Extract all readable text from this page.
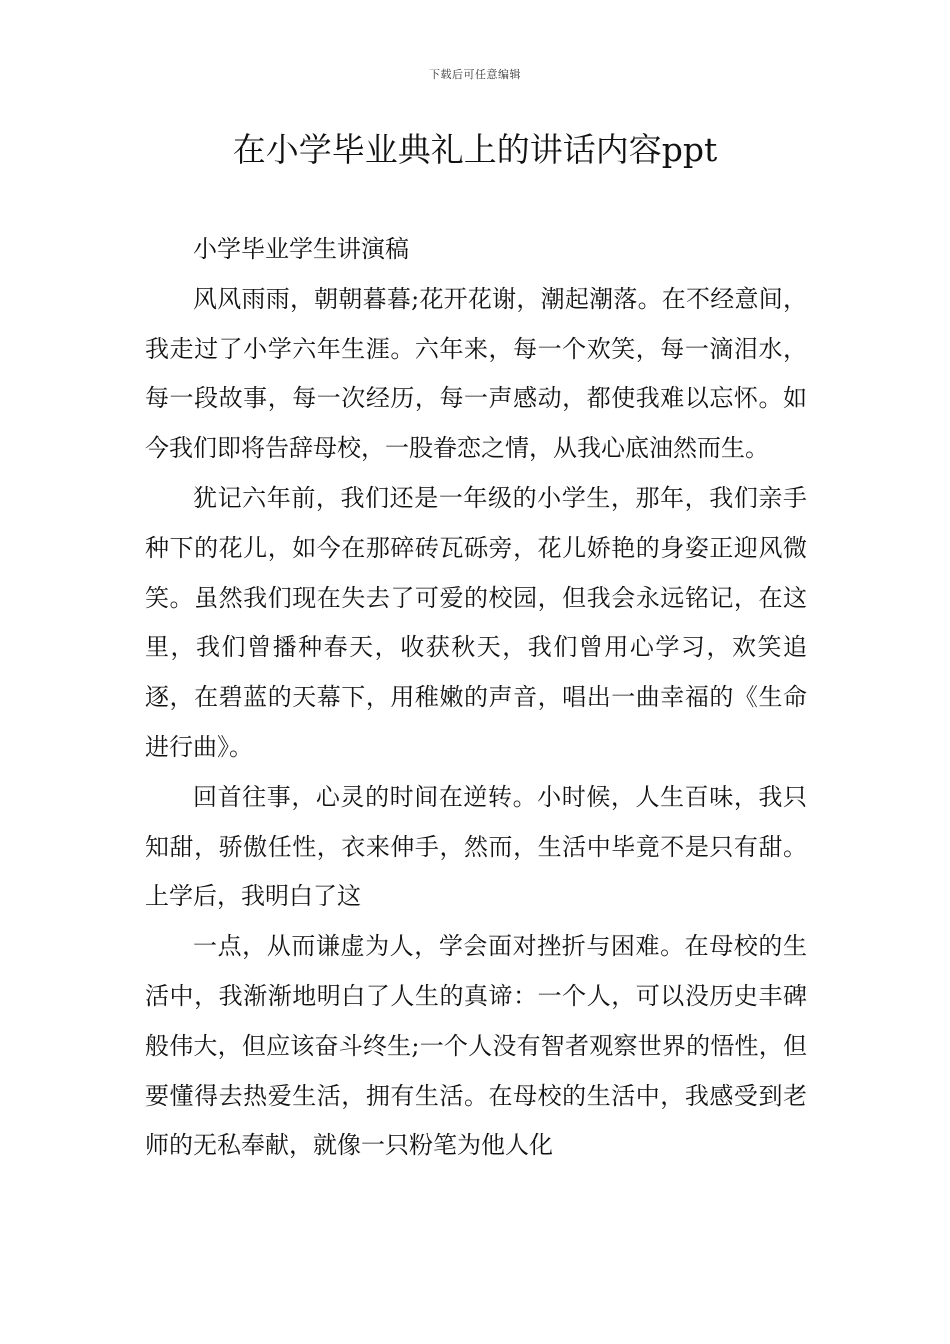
下载后可任意编辑
在小学毕业典礼上的讲话内容ppt

小学毕业学生讲演稿

风风雨雨，朝朝暮暮;花开花谢，潮起潮落。在不经意间，我走过了小学六年生涯。六年来，每一个欢笑，每一滴泪水，每一段故事，每一次经历，每一声感动，都使我难以忘怀。如今我们即将告辞母校，一股眷恋之情，从我心底油然而生。

犹记六年前，我们还是一年级的小学生，那年，我们亲手种下的花儿，如今在那碎砖瓦砾旁，花儿娇艳的身姿正迎风微笑。虽然我们现在失去了可爱的校园，但我会永远铭记，在这里，我们曾播种春天，收获秋天，我们曾用心学习，欢笑追逐，在碧蓝的天幕下，用稚嫩的声音，唱出一曲幸福的《生命进行曲》。

回首往事，心灵的时间在逆转。小时候，人生百味，我只知甜，骄傲任性，衣来伸手，然而，生活中毕竟不是只有甜。上学后，我明白了这

一点，从而谦虚为人，学会面对挫折与困难。在母校的生活中，我渐渐地明白了人生的真谛：一个人，可以没历史丰碑般伟大，但应该奋斗终生;一个人没有智者观察世界的悟性，但要懂得去热爱生活，拥有生活。在母校的生活中，我感受到老师的无私奉献，就像一只粉笔为他人化
